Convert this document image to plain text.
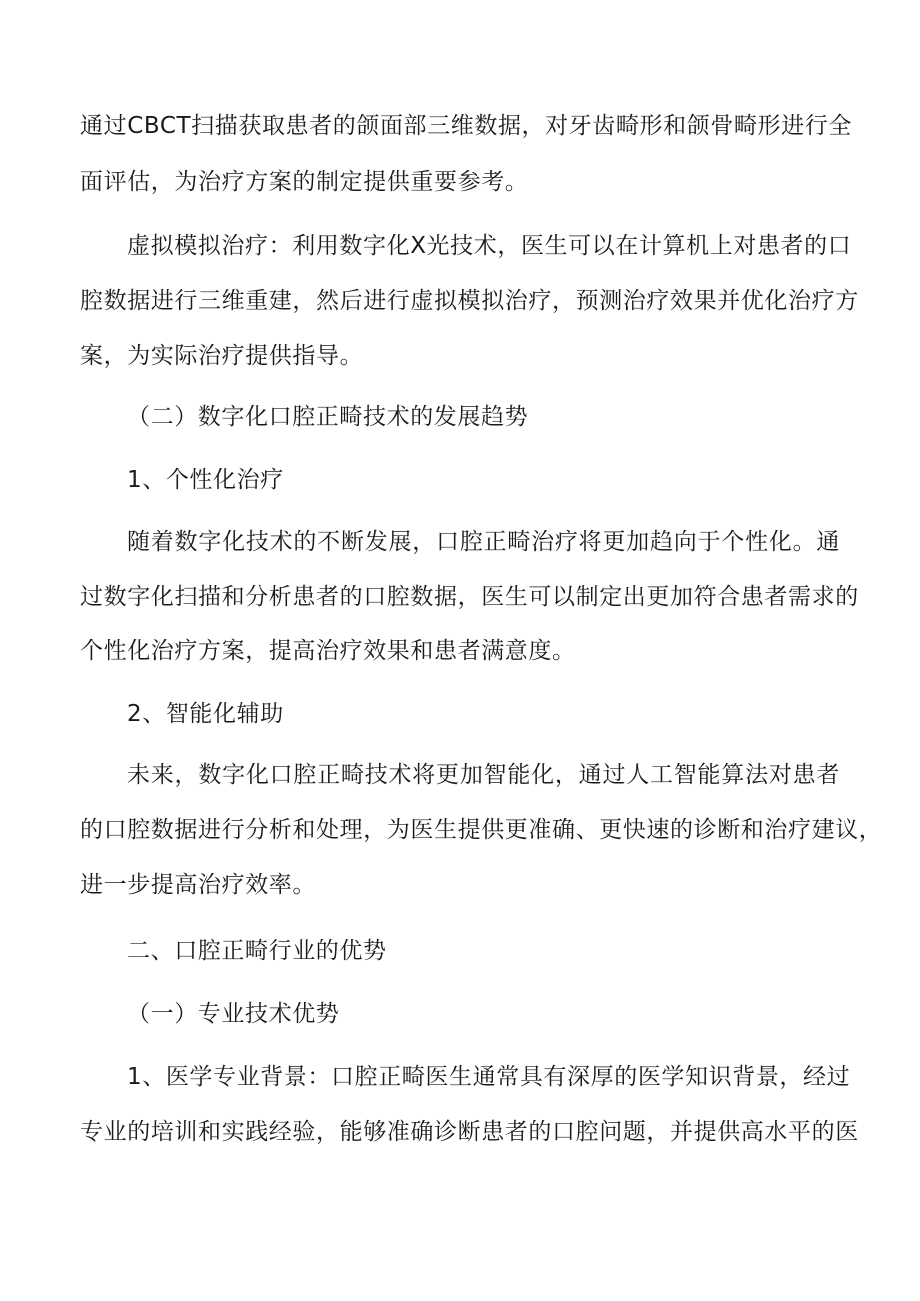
通过CBCT扫描获取患者的颌面部三维数据，对牙齿畸形和颌骨畸形进行全
面评估，为治疗方案的制定提供重要参考。
虚拟模拟治疗：利用数字化X光技术，医生可以在计算机上对患者的口
腔数据进行三维重建，然后进行虚拟模拟治疗，预测治疗效果并优化治疗方
案，为实际治疗提供指导。
（二）数字化口腔正畸技术的发展趋势
1、个性化治疗
随着数字化技术的不断发展，口腔正畸治疗将更加趋向于个性化。通
过数字化扫描和分析患者的口腔数据，医生可以制定出更加符合患者需求的
个性化治疗方案，提高治疗效果和患者满意度。
2、智能化辅助
未来，数字化口腔正畸技术将更加智能化，通过人工智能算法对患者
的口腔数据进行分析和处理，为医生提供更准确、更快速的诊断和治疗建议，
进一步提高治疗效率。
二、口腔正畸行业的优势
（一）专业技术优势
1、医学专业背景：口腔正畸医生通常具有深厚的医学知识背景，经过
专业的培训和实践经验，能够准确诊断患者的口腔问题，并提供高水平的医
